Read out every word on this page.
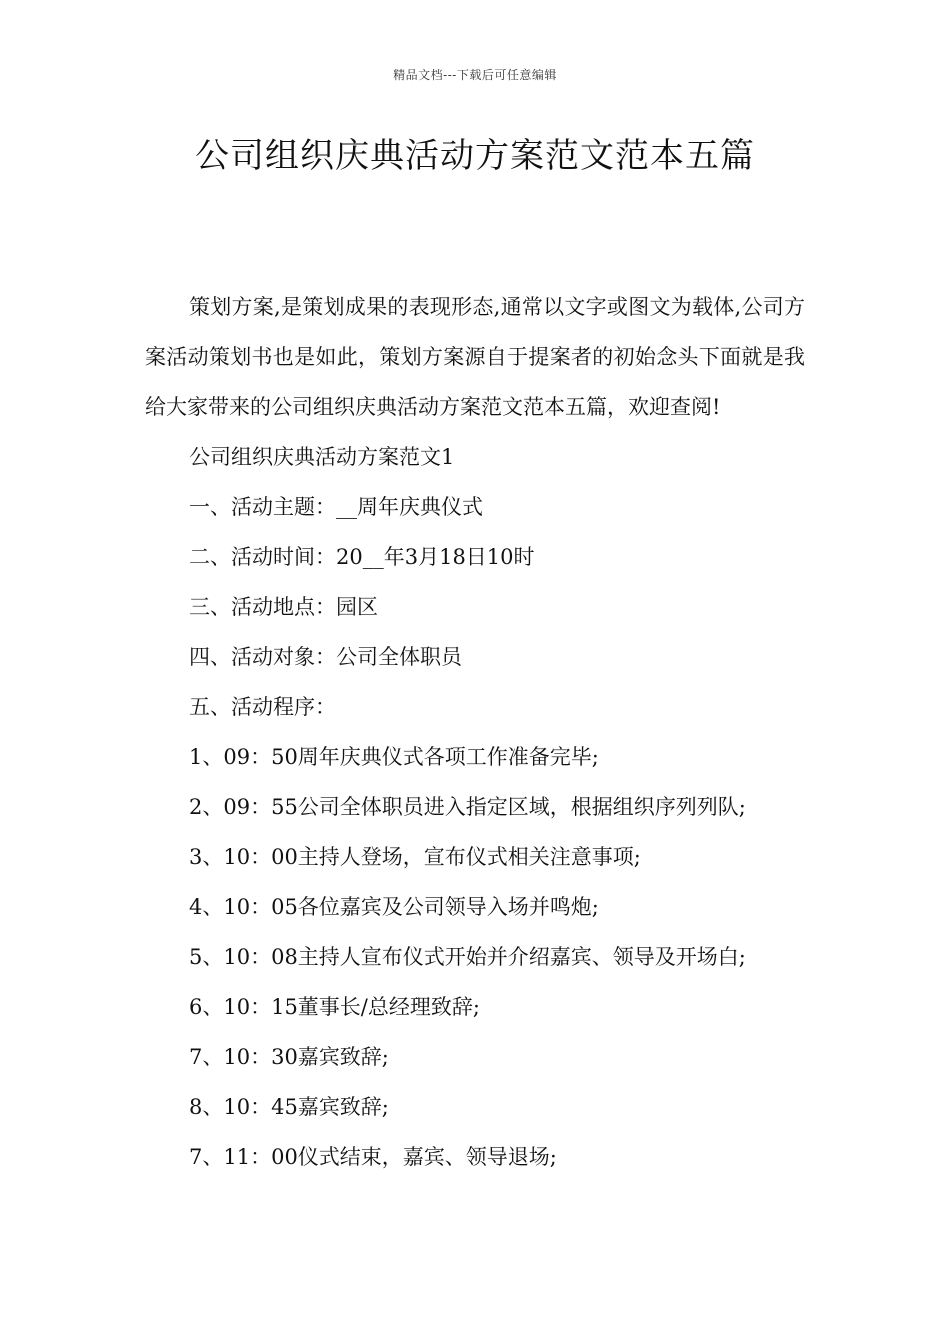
精品文档---下载后可任意编辑
公司组织庆典活动方案范文范本五篇

策划方案,是策划成果的表现形态,通常以文字或图文为载体,公司方案活动策划书也是如此，策划方案源自于提案者的初始念头下面就是我给大家带来的公司组织庆典活动方案范文范本五篇，欢迎查阅!

公司组织庆典活动方案范文1

一、活动主题：__周年庆典仪式

二、活动时间：20__年3月18日10时

三、活动地点：园区

四、活动对象：公司全体职员

五、活动程序：

1、09：50周年庆典仪式各项工作准备完毕;

2、09：55公司全体职员进入指定区域，根据组织序列列队;

3、10：00主持人登场，宣布仪式相关注意事项;

4、10：05各位嘉宾及公司领导入场并鸣炮;

5、10：08主持人宣布仪式开始并介绍嘉宾、领导及开场白;

6、10：15董事长/总经理致辞;

7、10：30嘉宾致辞;

8、10：45嘉宾致辞;

7、11：00仪式结束，嘉宾、领导退场;
